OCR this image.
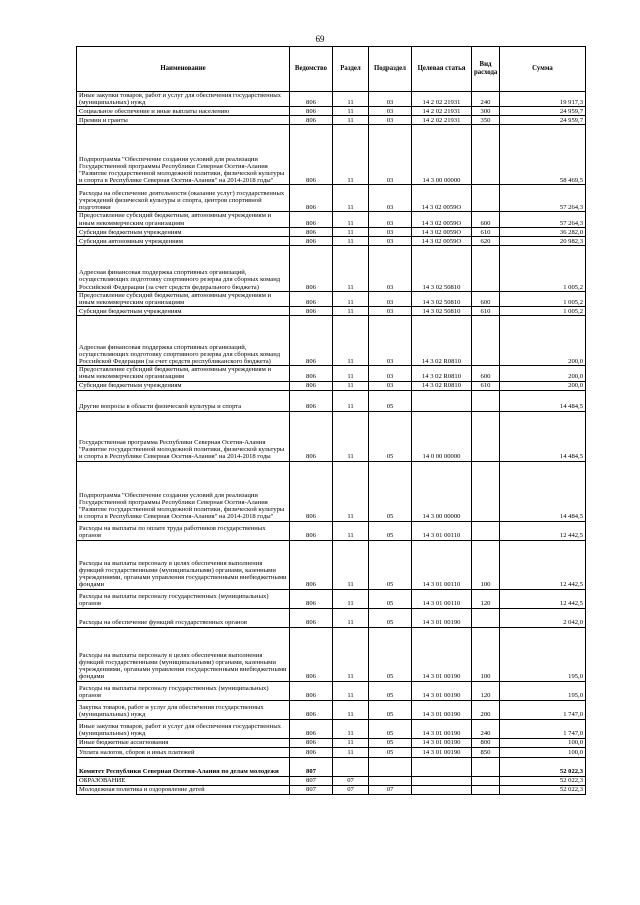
69
Наименование	Ведомство	Раздел	Подраздел	Целевая статья	Вид расхода	Сумма
Иные закупки товаров, работ и услуг для обеспечения государственных (муниципальных) нужд	806	11	03	14 2 02 21931	240	19 917,3
Социальное обеспечение и иные выплаты населению	806	11	03	14 2 02 21931	300	24 959,7
Премии и гранты	806	11	03	14 2 02 21931	350	24 959,7
Подпрограмма "Обеспечение создания условий для реализации Государственной программы Республики Северная Осетия-Алания "Развитие государственной молодежной политики, физической культуры и спорта в Республике Северная Осетия-Алания" на 2014-2018 годы"	806	11	03	14 3 00 00000		58 469,5
Расходы на обеспечение деятельности (оказание услуг) государственных учреждений физической культуры и спорта, центров спортивной подготовки	806	11	03	14 3 02 0059О		57 264,3
Предоставление субсидий бюджетным, автономным учреждениям и иным некоммерческим организациям	806	11	03	14 3 02 0059О	600	57 264,3
Субсидии бюджетным учреждениям	806	11	03	14 3 02 0059О	610	36 282,0
Субсидии автономным учреждениям	806	11	03	14 3 02 0059О	620	20 982,3
Адресная финансовая поддержка спортивных организаций, осуществляющих подготовку спортивного резерва для сборных команд Российской Федерации (за счет средств федерального бюджета)	806	11	03	14 3 02 50810		1 005,2
Предоставление субсидий бюджетным, автономным учреждениям и иным некоммерческим организациям	806	11	03	14 3 02 50810	600	1 005,2
Субсидии бюджетным учреждениям	806	11	03	14 3 02 50810	610	1 005,2
Адресная финансовая поддержка спортивных организаций, осуществляющих подготовку спортивного резерва для сборных команд Российской Федерации (за счет средств республиканского бюджета)	806	11	03	14 3 02 R0810		200,0
Предоставление субсидий бюджетным, автономным учреждениям и иным некоммерческим организациям	806	11	03	14 3 02 R0810	600	200,0
Субсидии бюджетным учреждениям	806	11	03	14 3 02 R0810	610	200,0
Другие вопросы в области физической культуры и спорта	806	11	05			14 484,5
Государственная программа Республики Северная Осетия-Алания "Развитие государственной молодежной политики, физической культуры и спорта в Республике Северная Осетия-Алания" на 2014-2018 годы	806	11	05	14 0 00 00000		14 484,5
Подпрограмма "Обеспечение создания условий для реализации Государственной программы Республики Северная Осетия-Алания "Развитие государственной молодежной политики, физической культуры и спорта в Республике Северная Осетия-Алания" на 2014-2018 годы"	806	11	05	14 3 00 00000		14 484,5
Расходы на выплаты по оплате труда работников государственных органов	806	11	05	14 3 01 00110		12 442,5
Расходы на выплаты персоналу в целях обеспечения выполнения функций государственными (муниципальными) органами, казенными учреждениями, органами управления государственными внебюджетными фондами	806	11	05	14 3 01 00110	100	12 442,5
Расходы на выплаты персоналу государственных (муниципальных) органов	806	11	05	14 3 01 00110	120	12 442,5
Расходы на обеспечение функций государственных органов	806	11	05	14 3 01 00190		2 042,0
Расходы на выплаты персоналу в целях обеспечения выполнения функций государственными (муниципальными) органами, казенными учреждениями, органами управления государственными внебюджетными фондами	806	11	05	14 3 01 00190	100	195,0
Расходы на выплаты персоналу государственных (муниципальных) органов	806	11	05	14 3 01 00190	120	195,0
Закупка товаров, работ и услуг для обеспечения государственных (муниципальных) нужд	806	11	05	14 3 01 00190	200	1 747,0
Иные закупки товаров, работ и услуг для обеспечения государственных (муниципальных) нужд	806	11	05	14 3 01 00190	240	1 747,0
Иные бюджетные ассигнования	806	11	05	14 3 01 00190	800	100,0
Уплата налогов, сборов и иных платежей	806	11	05	14 3 01 00190	850	100,0
Комитет Республики Северная Осетия-Алания по делам молодежи	807					52 022,3
ОБРАЗОВАНИЕ	807	07				52 022,3
Молодежная политика и оздоровление детей	807	07	07			52 022,3
